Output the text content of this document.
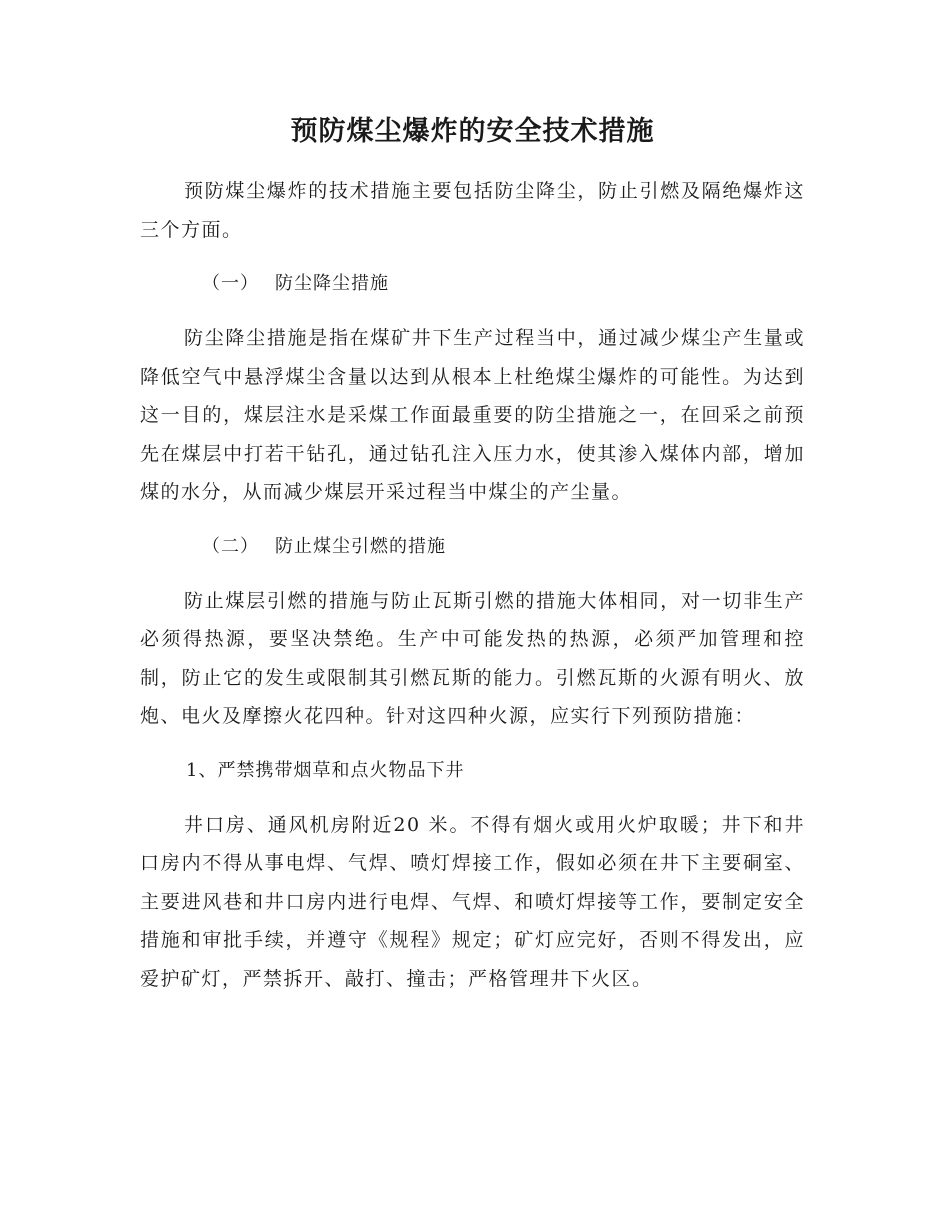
预防煤尘爆炸的安全技术措施

预防煤尘爆炸的技术措施主要包括防尘降尘，防止引燃及隔绝爆炸这三个方面。

（一） 防尘降尘措施

防尘降尘措施是指在煤矿井下生产过程当中，通过减少煤尘产生量或降低空气中悬浮煤尘含量以达到从根本上杜绝煤尘爆炸的可能性。为达到这一目的，煤层注水是采煤工作面最重要的防尘措施之一，在回采之前预先在煤层中打若干钻孔，通过钻孔注入压力水，使其渗入煤体内部，增加煤的水分，从而减少煤层开采过程当中煤尘的产尘量。

（二） 防止煤尘引燃的措施

防止煤层引燃的措施与防止瓦斯引燃的措施大体相同，对一切非生产必须得热源，要坚决禁绝。生产中可能发热的热源，必须严加管理和控制，防止它的发生或限制其引燃瓦斯的能力。引燃瓦斯的火源有明火、放炮、电火及摩擦火花四种。针对这四种火源，应实行下列预防措施：

1、严禁携带烟草和点火物品下井

井口房、通风机房附近20 米。不得有烟火或用火炉取暖；井下和井口房内不得从事电焊、气焊、喷灯焊接工作，假如必须在井下主要硐室、主要进风巷和井口房内进行电焊、气焊、和喷灯焊接等工作，要制定安全措施和审批手续，并遵守《规程》规定；矿灯应完好，否则不得发出，应爱护矿灯，严禁拆开、敲打、撞击；严格管理井下火区。
